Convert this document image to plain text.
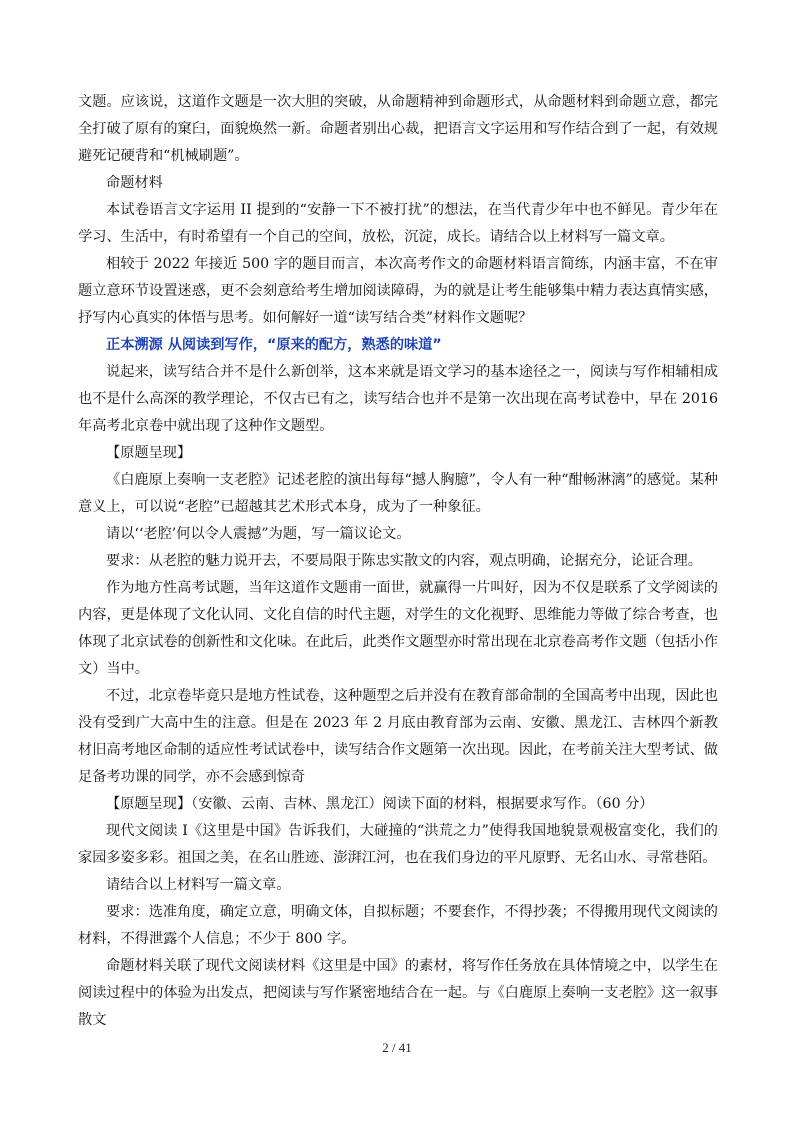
文题。应该说，这道作文题是一次大胆的突破，从命题精神到命题形式，从命题材料到命题立意，都完全打破了原有的窠臼，面貌焕然一新。命题者别出心裁，把语言文字运用和写作结合到了一起，有效规避死记硬背和“机械刷题”。

命题材料

本试卷语言文字运用 II 提到的“安静一下不被打扰”的想法，在当代青少年中也不鲜见。青少年在学习、生活中，有时希望有一个自己的空间，放松，沉淀，成长。请结合以上材料写一篇文章。

相较于 2022 年接近 500 字的题目而言，本次高考作文的命题材料语言简练，内涵丰富，不在审题立意环节设置迷惑，更不会刻意给考生增加阅读障碍，为的就是让考生能够集中精力表达真情实感，抒写内心真实的体悟与思考。如何解好一道“读写结合类”材料作文题呢？

正本溯源 从阅读到写作，“原来的配方，熟悉的味道”

说起来，读写结合并不是什么新创举，这本来就是语文学习的基本途径之一，阅读与写作相辅相成也不是什么高深的教学理论，不仅古已有之，读写结合也并不是第一次出现在高考试卷中，早在 2016 年高考北京卷中就出现了这种作文题型。

【原题呈现】

《白鹿原上奏响一支老腔》记述老腔的演出每每“撼人胸臆”，令人有一种“酣畅淋漓”的感觉。某种意义上，可以说“老腔”已超越其艺术形式本身，成为了一种象征。

请以‘‘老腔’何以令人震撼”为题，写一篇议论文。

要求：从老腔的魅力说开去，不要局限于陈忠实散文的内容，观点明确，论据充分，论证合理。

作为地方性高考试题，当年这道作文题甫一面世，就赢得一片叫好，因为不仅是联系了文学阅读的内容，更是体现了文化认同、文化自信的时代主题，对学生的文化视野、思维能力等做了综合考查，也体现了北京试卷的创新性和文化味。在此后，此类作文题型亦时常出现在北京卷高考作文题（包括小作文）当中。

不过，北京卷毕竟只是地方性试卷，这种题型之后并没有在教育部命制的全国高考中出现，因此也没有受到广大高中生的注意。但是在 2023 年 2 月底由教育部为云南、安徽、黑龙江、吉林四个新教材旧高考地区命制的适应性考试试卷中，读写结合作文题第一次出现。因此，在考前关注大型考试、做足备考功课的同学，亦不会感到惊奇

【原题呈现】（安徽、云南、吉林、黑龙江）阅读下面的材料，根据要求写作。（60 分）

现代文阅读 I《这里是中国》告诉我们，大碰撞的“洪荒之力”使得我国地貌景观极富变化，我们的家园多姿多彩。祖国之美，在名山胜迹、澎湃江河，也在我们身边的平凡原野、无名山水、寻常巷陌。

请结合以上材料写一篇文章。

要求：选准角度，确定立意，明确文体，自拟标题；不要套作，不得抄袭；不得搬用现代文阅读的材料，不得泄露个人信息；不少于 800 字。

命题材料关联了现代文阅读材料《这里是中国》的素材，将写作任务放在具体情境之中，以学生在阅读过程中的体验为出发点，把阅读与写作紧密地结合在一起。与《白鹿原上奏响一支老腔》这一叙事散文

2 / 41
